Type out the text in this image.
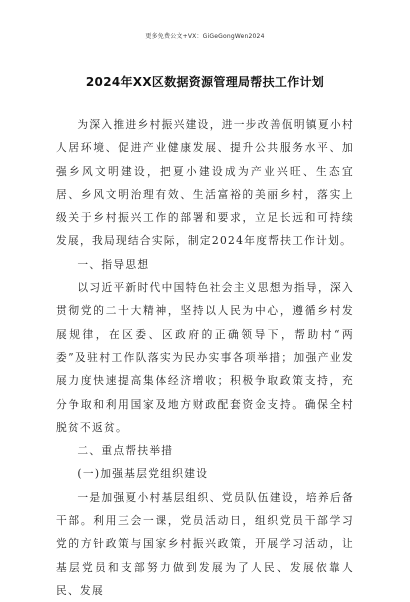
更多免费公文+VX：GiGeGongWen2024
2024年XX区数据资源管理局帮扶工作计划

为深入推进乡村振兴建设，进一步改善佤明镇夏小村人居环境、促进产业健康发展、提升公共服务水平、加强乡风文明建设，把夏小建设成为产业兴旺、生态宜居、乡风文明治理有效、生活富裕的美丽乡村，落实上级关于乡村振兴工作的部署和要求，立足长远和可持续发展，我局现结合实际，制定2024年度帮扶工作计划。

一、指导思想

以习近平新时代中国特色社会主义思想为指导，深入贯彻党的二十大精神，坚持以人民为中心，遵循乡村发展规律，在区委、区政府的正确领导下，帮助村“两委”及驻村工作队落实为民办实事各项举措；加强产业发展力度快速提高集体经济增收；积极争取政策支持，充分争取和利用国家及地方财政配套资金支持。确保全村脱贫不返贫。

二、重点帮扶举措

(一)加强基层党组织建设

一是加强夏小村基层组织、党员队伍建设，培养后备干部。利用三会一课，党员活动日，组织党员干部学习党的方针政策与国家乡村振兴政策，开展学习活动，让基层党员和支部努力做到发展为了人民、发展依靠人民、发展
